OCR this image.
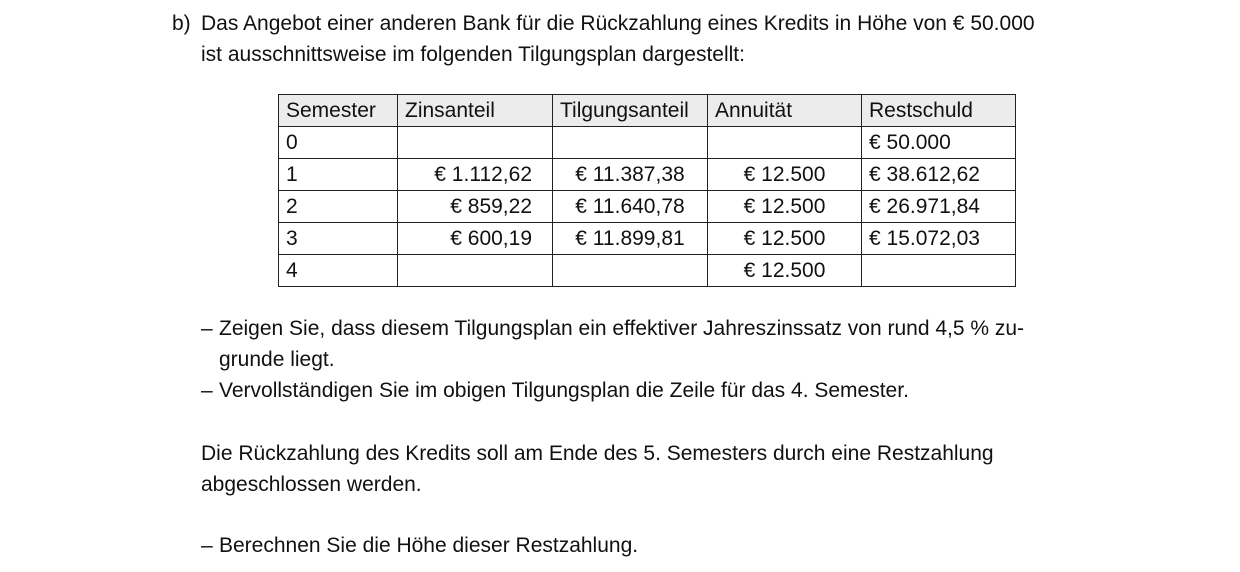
b) Das Angebot einer anderen Bank für die Rückzahlung eines Kredits in Höhe von € 50.000

ist ausschnittsweise im folgenden Tilgungsplan dargestellt:

Semester	Zinsanteil	Tilgungsanteil	Annuität	Restschuld
0				€ 50.000
1	€ 1.112,62	€ 11.387,38	€ 12.500	€ 38.612,62
2	€ 859,22	€ 11.640,78	€ 12.500	€ 26.971,84
3	€ 600,19	€ 11.899,81	€ 12.500	€ 15.072,03
4			€ 12.500	
– Zeigen Sie, dass diesem Tilgungsplan ein effektiver Jahreszinssatz von rund 4,5 % zu-
grunde liegt.
– Vervollständigen Sie im obigen Tilgungsplan die Zeile für das 4. Semester.
Die Rückzahlung des Kredits soll am Ende des 5. Semesters durch eine Restzahlung
abgeschlossen werden.
– Berechnen Sie die Höhe dieser Restzahlung.
